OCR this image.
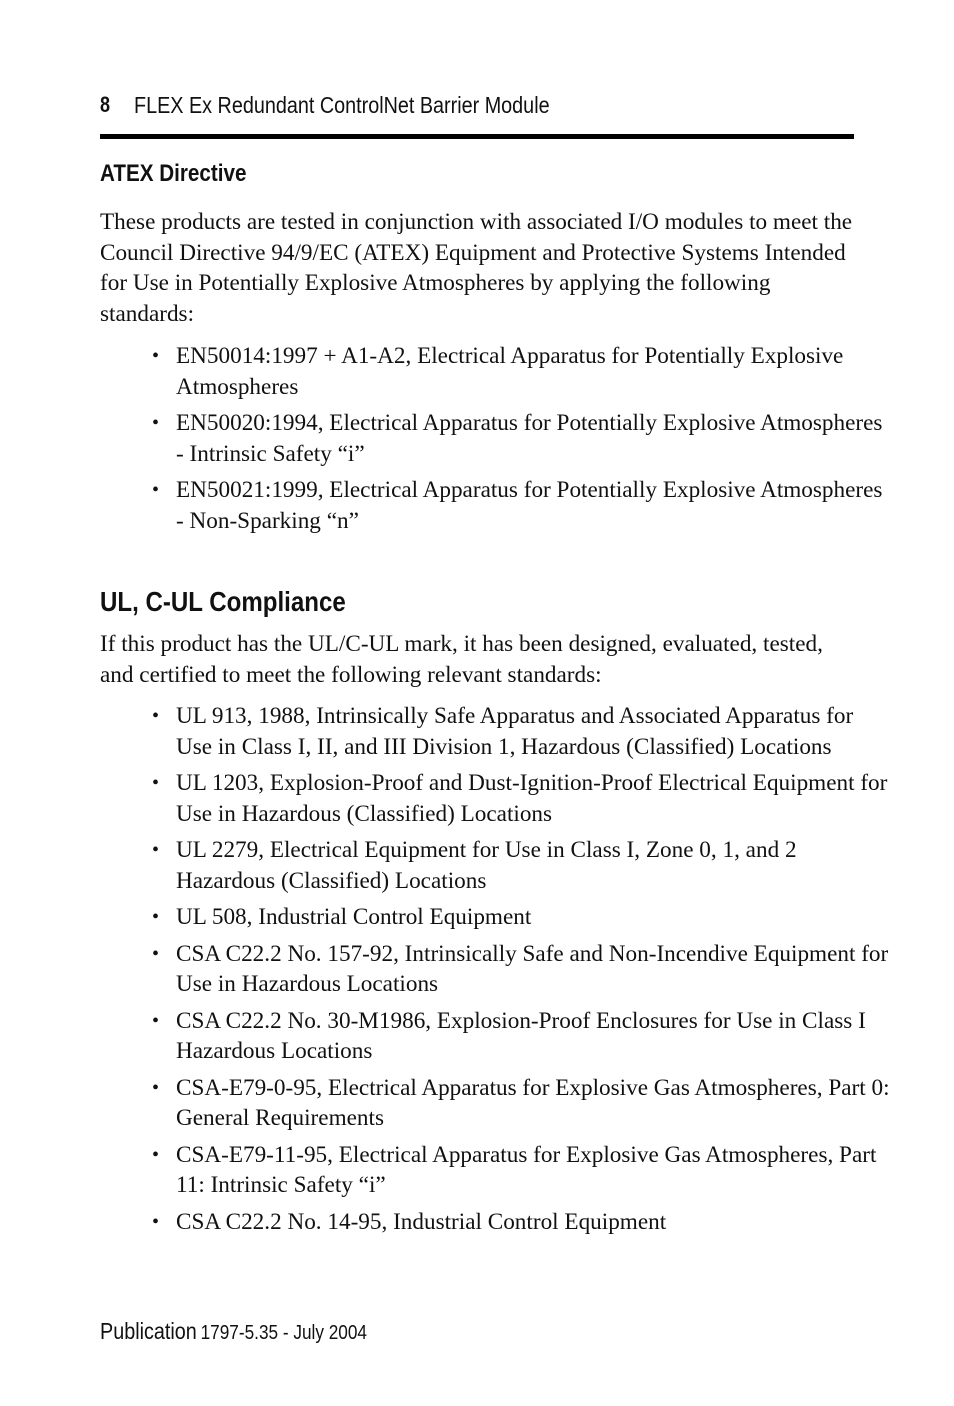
8 FLEX Ex Redundant ControlNet Barrier Module
ATEX Directive

These products are tested in conjunction with associated I/O modules to meet the Council Directive 94/9/EC (ATEX) Equipment and Protective Systems Intended for Use in Potentially Explosive Atmospheres by applying the following standards:

• EN50014:1997 + A1-A2, Electrical Apparatus for Potentially Explosive Atmospheres
• EN50020:1994, Electrical Apparatus for Potentially Explosive Atmospheres - Intrinsic Safety “i”
• EN50021:1999, Electrical Apparatus for Potentially Explosive Atmospheres - Non-Sparking “n”
UL, C-UL Compliance

If this product has the UL/C-UL mark, it has been designed, evaluated, tested, and certified to meet the following relevant standards:

• UL 913, 1988, Intrinsically Safe Apparatus and Associated Apparatus for Use in Class I, II, and III Division 1, Hazardous (Classified) Locations
• UL 1203, Explosion-Proof and Dust-Ignition-Proof Electrical Equipment for Use in Hazardous (Classified) Locations
• UL 2279, Electrical Equipment for Use in Class I, Zone 0, 1, and 2 Hazardous (Classified) Locations
• UL 508, Industrial Control Equipment
• CSA C22.2 No. 157-92, Intrinsically Safe and Non-Incendive Equipment for Use in Hazardous Locations
• CSA C22.2 No. 30-M1986, Explosion-Proof Enclosures for Use in Class I Hazardous Locations
• CSA-E79-0-95, Electrical Apparatus for Explosive Gas Atmospheres, Part 0: General Requirements
• CSA-E79-11-95, Electrical Apparatus for Explosive Gas Atmospheres, Part 11: Intrinsic Safety “i”
• CSA C22.2 No. 14-95, Industrial Control Equipment
Publication 1797-5.35 - July 2004
